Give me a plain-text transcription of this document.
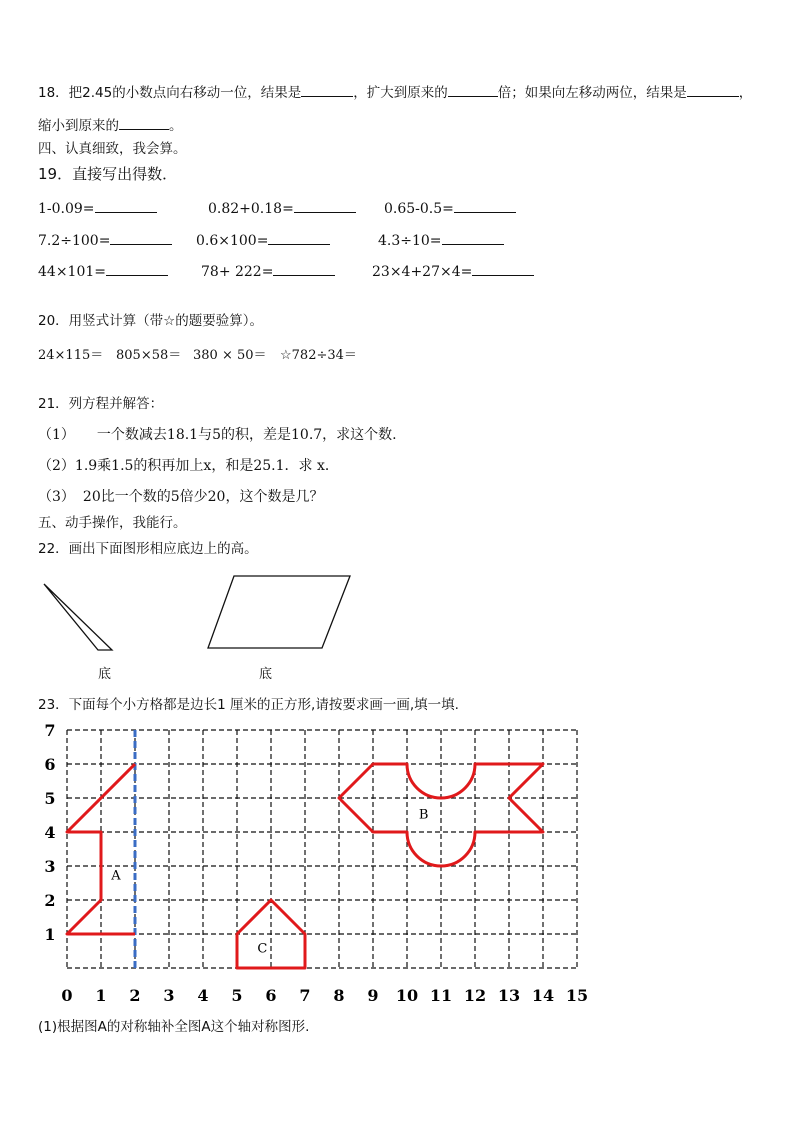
18．把2.45的小数点向右移动一位，结果是	，扩大到原来的	倍；如果向左移动两位，结果是	，
缩小到原来的	。
四、认真细致，我会算。
19．直接写出得数．
1-0.09=	0.82+0.18=	0.65-0.5=
7.2÷100=	0.6×100=	4.3÷10=
44×101=	78+ 222=	23×4+27×4=
20．用竖式计算（带☆的题要验算）。
24×115＝ 805×58＝ 380 × 50＝ ☆782÷34＝
21．列方程并解答：
（1） 一个数减去18.1与5的积，差是10.7，求这个数.
（2）1.9乘1.5的积再加上x，和是25.1．求 x．
（3） 20比一个数的5倍少20，这个数是几？
五、动手操作，我能行。
22．画出下面图形相应底边上的高。
底	底
23．下面每个小方格都是边长1 厘米的正方形,请按要求画一画,填一填.
0 1 2 3 4 5 6 7 8 9 10 11 12 13 14 15
1
2
3
4
5
6
7
A
B
C
(1)根据图A的对称轴补全图A这个轴对称图形.
